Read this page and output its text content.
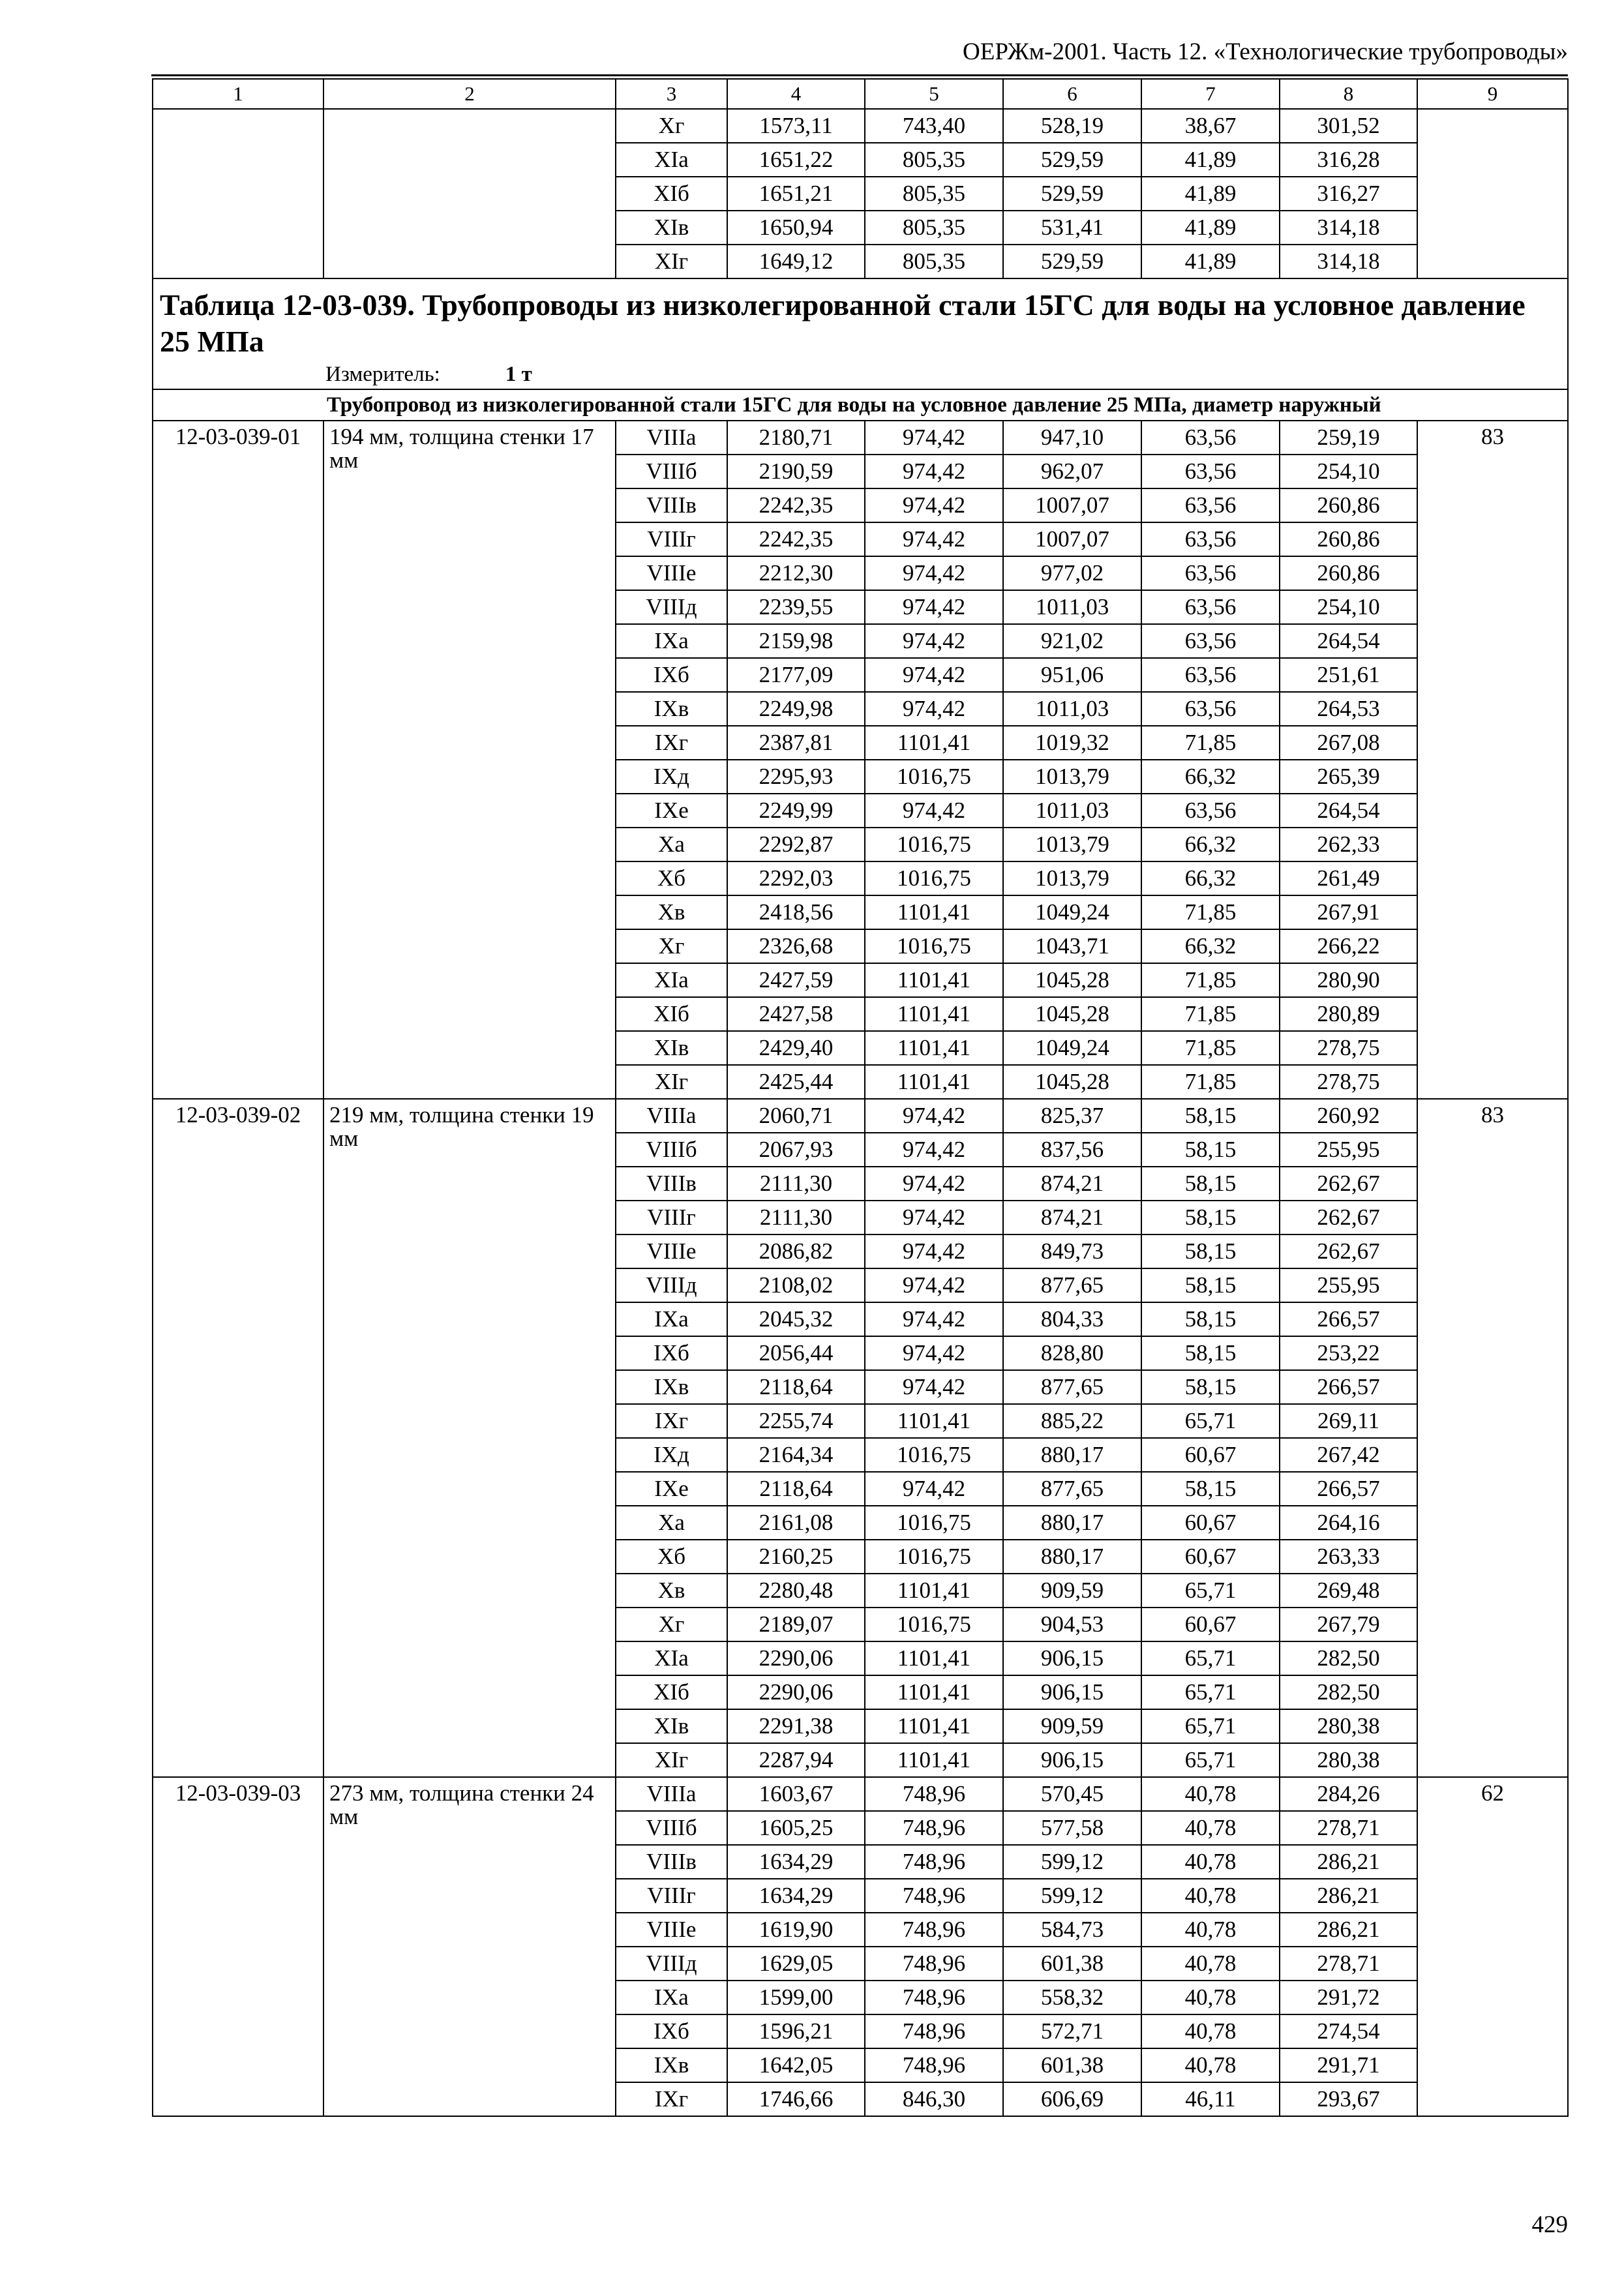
ОЕРЖм-2001. Часть 12. «Технологические трубопроводы»
1	2	3	4	5	6	7	8	9
		Xг	1573,11	743,40	528,19	38,67	301,52	
		XIа	1651,22	805,35	529,59	41,89	316,28	
		XIб	1651,21	805,35	529,59	41,89	316,27	
		XIв	1650,94	805,35	531,41	41,89	314,18	
		XIг	1649,12	805,35	529,59	41,89	314,18	
Таблица 12-03-039. Трубопроводы из низколегированной стали 15ГС для воды на условное давление 25 МПа								
Измеритель: 1 т								
Трубопровод из низколегированной стали 15ГС для воды на условное давление 25 МПа, диаметр наружный								
12-03-039-01	194 мм, толщина стенки 17 мм	VIIIа	2180,71	974,42	947,10	63,56	259,19	83
		VIIIб	2190,59	974,42	962,07	63,56	254,10	
		VIIIв	2242,35	974,42	1007,07	63,56	260,86	
		VIIIг	2242,35	974,42	1007,07	63,56	260,86	
		VIIIе	2212,30	974,42	977,02	63,56	260,86	
		VIIIд	2239,55	974,42	1011,03	63,56	254,10	
		IXа	2159,98	974,42	921,02	63,56	264,54	
		IXб	2177,09	974,42	951,06	63,56	251,61	
		IXв	2249,98	974,42	1011,03	63,56	264,53	
		IXг	2387,81	1101,41	1019,32	71,85	267,08	
		IXд	2295,93	1016,75	1013,79	66,32	265,39	
		IXе	2249,99	974,42	1011,03	63,56	264,54	
		Xа	2292,87	1016,75	1013,79	66,32	262,33	
		Xб	2292,03	1016,75	1013,79	66,32	261,49	
		Xв	2418,56	1101,41	1049,24	71,85	267,91	
		Xг	2326,68	1016,75	1043,71	66,32	266,22	
		XIа	2427,59	1101,41	1045,28	71,85	280,90	
		XIб	2427,58	1101,41	1045,28	71,85	280,89	
		XIв	2429,40	1101,41	1049,24	71,85	278,75	
		XIг	2425,44	1101,41	1045,28	71,85	278,75	
12-03-039-02	219 мм, толщина стенки 19 мм	VIIIа	2060,71	974,42	825,37	58,15	260,92	83
		VIIIб	2067,93	974,42	837,56	58,15	255,95	
		VIIIв	2111,30	974,42	874,21	58,15	262,67	
		VIIIг	2111,30	974,42	874,21	58,15	262,67	
		VIIIе	2086,82	974,42	849,73	58,15	262,67	
		VIIIд	2108,02	974,42	877,65	58,15	255,95	
		IXа	2045,32	974,42	804,33	58,15	266,57	
		IXб	2056,44	974,42	828,80	58,15	253,22	
		IXв	2118,64	974,42	877,65	58,15	266,57	
		IXг	2255,74	1101,41	885,22	65,71	269,11	
		IXд	2164,34	1016,75	880,17	60,67	267,42	
		IXе	2118,64	974,42	877,65	58,15	266,57	
		Xа	2161,08	1016,75	880,17	60,67	264,16	
		Xб	2160,25	1016,75	880,17	60,67	263,33	
		Xв	2280,48	1101,41	909,59	65,71	269,48	
		Xг	2189,07	1016,75	904,53	60,67	267,79	
		XIа	2290,06	1101,41	906,15	65,71	282,50	
		XIб	2290,06	1101,41	906,15	65,71	282,50	
		XIв	2291,38	1101,41	909,59	65,71	280,38	
		XIг	2287,94	1101,41	906,15	65,71	280,38	
12-03-039-03	273 мм, толщина стенки 24 мм	VIIIа	1603,67	748,96	570,45	40,78	284,26	62
		VIIIб	1605,25	748,96	577,58	40,78	278,71	
		VIIIв	1634,29	748,96	599,12	40,78	286,21	
		VIIIг	1634,29	748,96	599,12	40,78	286,21	
		VIIIе	1619,90	748,96	584,73	40,78	286,21	
		VIIIд	1629,05	748,96	601,38	40,78	278,71	
		IXа	1599,00	748,96	558,32	40,78	291,72	
		IXб	1596,21	748,96	572,71	40,78	274,54	
		IXв	1642,05	748,96	601,38	40,78	291,71	
		IXг	1746,66	846,30	606,69	46,11	293,67	
429
